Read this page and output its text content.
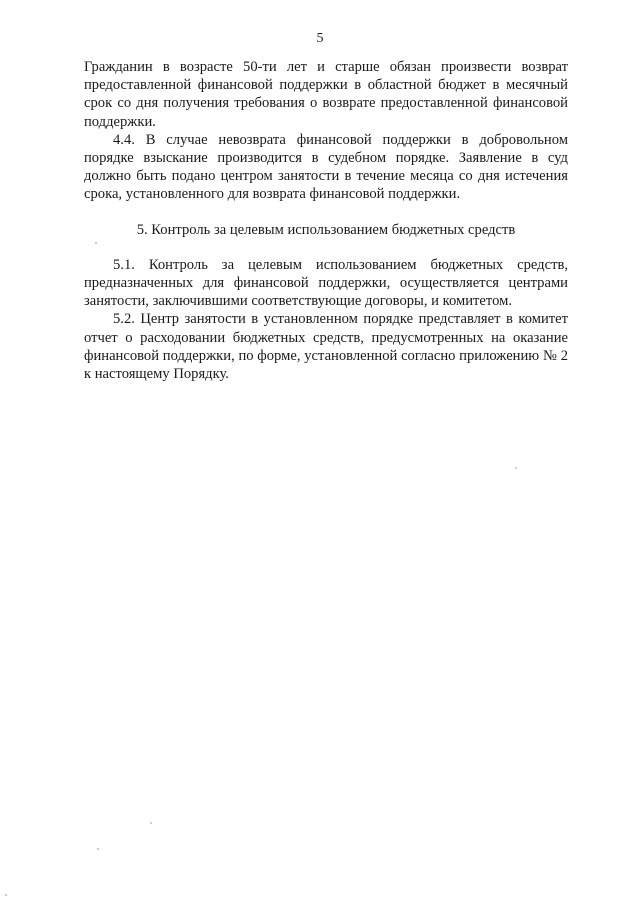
5

Гражданин в возрасте 50-ти лет и старше обязан произвести возврат предоставленной финансовой поддержки в областной бюджет в месячный срок со дня получения требования о возврате предоставленной финансовой поддержки.

4.4. В случае невозврата финансовой поддержки в добровольном порядке взыскание производится в судебном порядке. Заявление в суд должно быть подано центром занятости в течение месяца со дня истечения срока, установленного для возврата финансовой поддержки.

5. Контроль за целевым использованием бюджетных средств

5.1. Контроль за целевым использованием бюджетных средств, предназначенных для финансовой поддержки, осуществляется центрами занятости, заключившими соответствующие договоры, и комитетом.

5.2. Центр занятости в установленном порядке представляет в комитет отчет о расходовании бюджетных средств, предусмотренных на оказание финансовой поддержки, по форме, установленной согласно приложению № 2 к настоящему Порядку.
